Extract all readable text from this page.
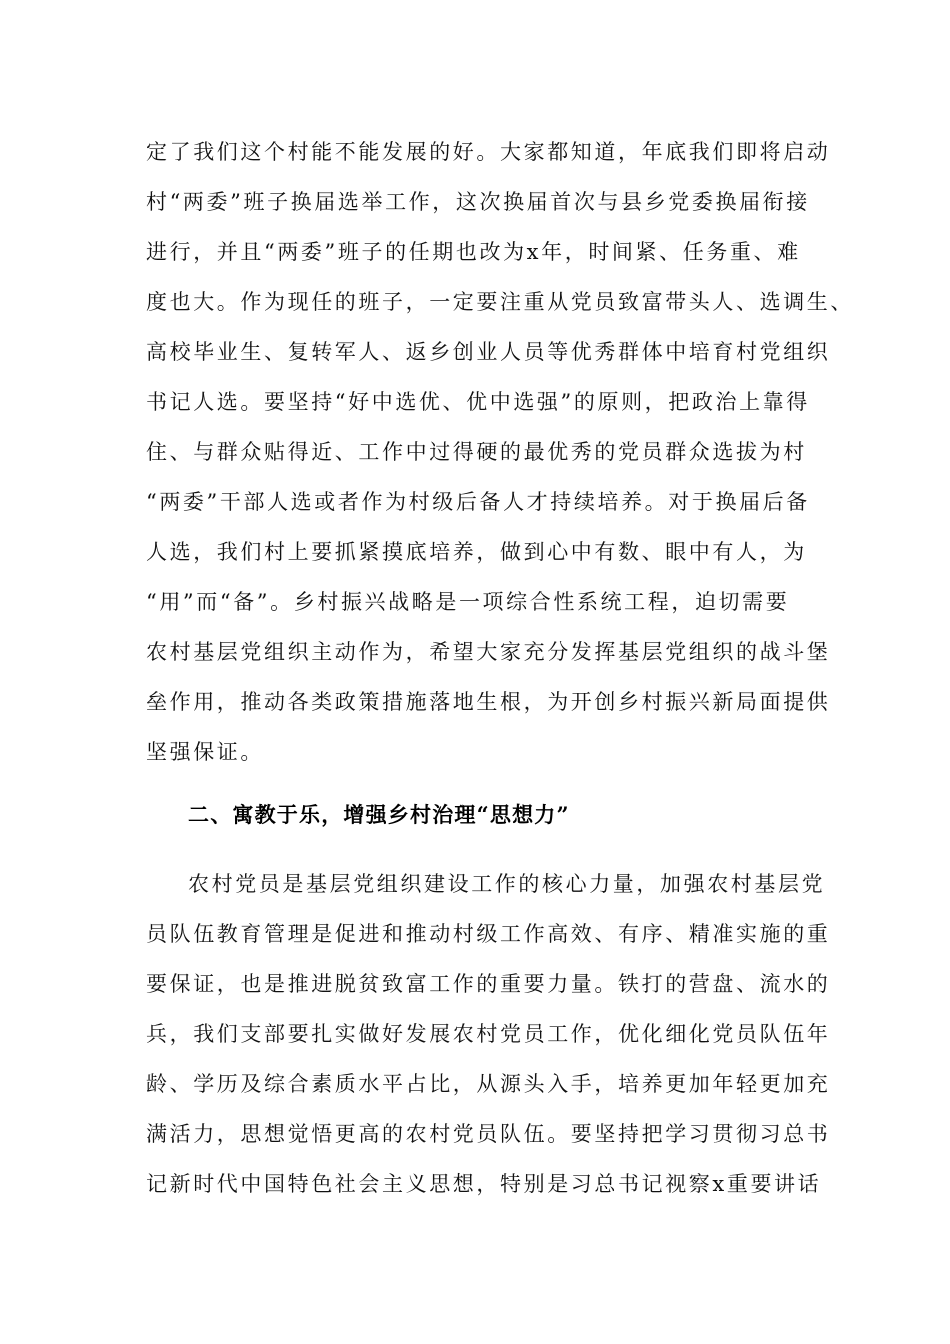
定了我们这个村能不能发展的好。大家都知道，年底我们即将启动

村“两委”班子换届选举工作，这次换届首次与县乡党委换届衔接

进行，并且“两委”班子的任期也改为x年，时间紧、任务重、难

度也大。作为现任的班子，一定要注重从党员致富带头人、选调生、

高校毕业生、复转军人、返乡创业人员等优秀群体中培育村党组织

书记人选。要坚持“好中选优、优中选强”的原则，把政治上靠得

住、与群众贴得近、工作中过得硬的最优秀的党员群众选拔为村

“两委”干部人选或者作为村级后备人才持续培养。对于换届后备

人选，我们村上要抓紧摸底培养，做到心中有数、眼中有人，为

“用”而“备”。乡村振兴战略是一项综合性系统工程，迫切需要

农村基层党组织主动作为，希望大家充分发挥基层党组织的战斗堡

垒作用，推动各类政策措施落地生根，为开创乡村振兴新局面提供

坚强保证。

二、寓教于乐，增强乡村治理“思想力”

农村党员是基层党组织建设工作的核心力量，加强农村基层党

员队伍教育管理是促进和推动村级工作高效、有序、精准实施的重

要保证，也是推进脱贫致富工作的重要力量。铁打的营盘、流水的

兵，我们支部要扎实做好发展农村党员工作，优化细化党员队伍年

龄、学历及综合素质水平占比，从源头入手，培养更加年轻更加充

满活力，思想觉悟更高的农村党员队伍。要坚持把学习贯彻习总书

记新时代中国特色社会主义思想，特别是习总书记视察x重要讲话
